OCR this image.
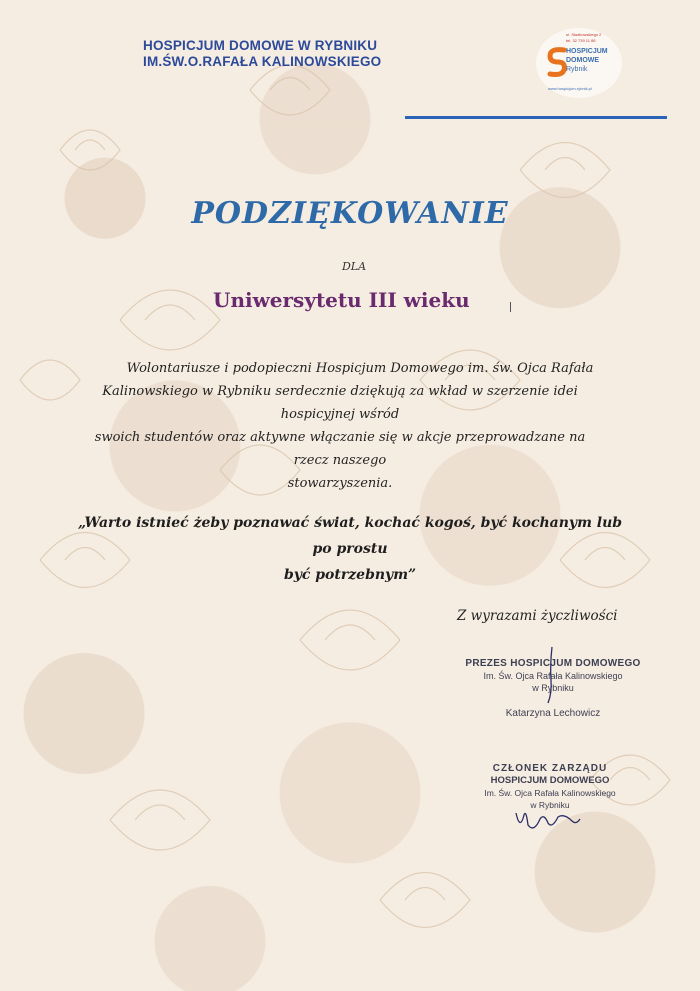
HOSPICJUM DOMOWE W RYBNIKU
IM.ŚW.O.RAFAŁA KALINOWSKIEGO
ul. Sładkowskiego 2
tel. 32 739 11 88
HOSPICJUM
DOMOWE
Rybnik
www.hospicjum-rybnik.pl
PODZIĘKOWANIE
DLA
Uniwersytetu III wieku
Wolontariusze i podopieczni Hospicjum Domowego im. św. Ojca Rafała
Kalinowskiego w Rybniku serdecznie dziękują za wkład w szerzenie idei hospicyjnej wśród
swoich studentów oraz aktywne włączanie się w akcje przeprowadzane na rzecz naszego
stowarzyszenia.
„Warto istnieć żeby poznawać świat, kochać kogoś, być kochanym lub po prostu
być potrzebnym”
Z wyrazami życzliwości
PREZES HOSPICJUM DOMOWEGO
Im. Św. Ojca Rafała Kalinowskiego
w Rybniku
Katarzyna Lechowicz
CZŁONEK ZARZĄDU
HOSPICJUM DOMOWEGO
Im. Św. Ojca Rafała Kalinowskiego
w Rybniku
